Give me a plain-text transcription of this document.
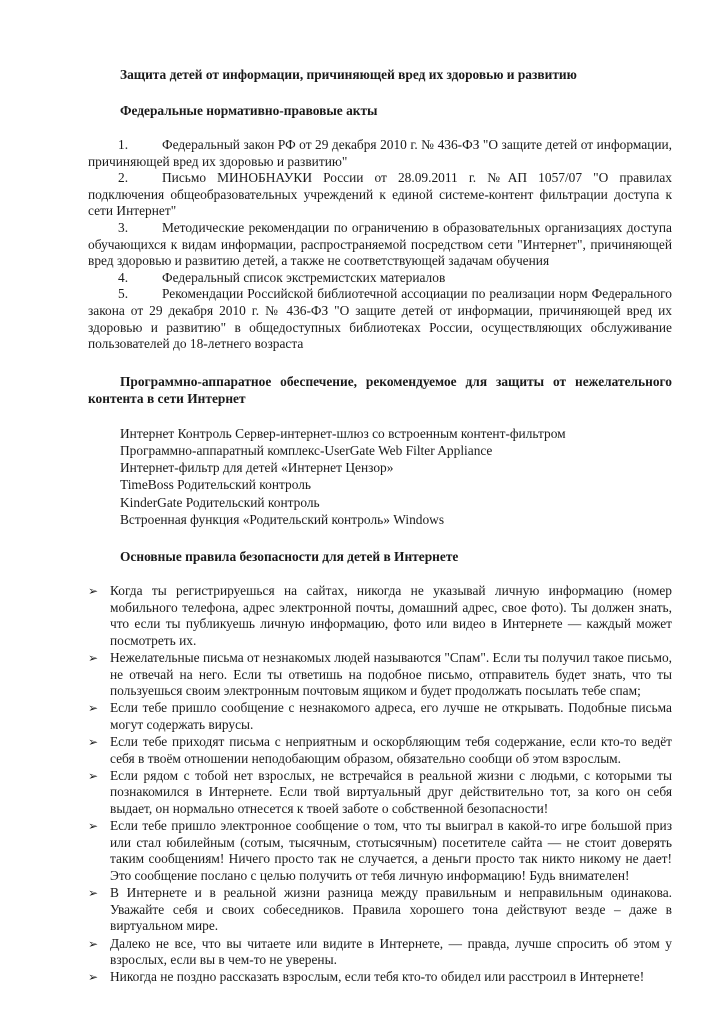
Защита детей от информации, причиняющей вред их здоровью и развитию
Федеральные нормативно-правовые акты
1.	Федеральный закон РФ от 29 декабря 2010 г. № 436-ФЗ "О защите детей от информации, причиняющей вред их здоровью и развитию"
2.	Письмо МИНОБНАУКИ России от 28.09.2011 г. №АП 1057/07 "О правилах подключения общеобразовательных учреждений к единой системе-контент фильтрации доступа к сети Интернет"
3.	Методические рекомендации по ограничению в образовательных организациях доступа обучающихся к видам информации, распространяемой посредством сети "Интернет", причиняющей вред здоровью и развитию детей, а также не соответствующей задачам обучения
4.	Федеральный список экстремистских материалов
5.	Рекомендации Российской библиотечной ассоциации по реализации норм Федерального закона от 29 декабря 2010 г. № 436-ФЗ "О защите детей от информации, причиняющей вред их здоровью и развитию" в общедоступных библиотеках России, осуществляющих обслуживание пользователей до 18-летнего возраста
Программно-аппаратное обеспечение, рекомендуемое для защиты от нежелательного контента в сети Интернет
Интернет Контроль Сервер-интернет-шлюз со встроенным контент-фильтром
Программно-аппаратный комплекс-UserGate Web Filter Appliance
Интернет-фильтр для детей «Интернет Цензор»
TimeBoss Родительский контроль
KinderGate Родительский контроль
Встроенная функция «Родительский контроль» Windows
Основные правила безопасности для детей в Интернете
➢ Когда ты регистрируешься на сайтах, никогда не указывай личную информацию (номер мобильного телефона, адрес электронной почты, домашний адрес, свое фото). Ты должен знать, что если ты публикуешь личную информацию, фото или видео в Интернете — каждый может посмотреть их.
➢ Нежелательные письма от незнакомых людей называются "Спам". Если ты получил такое письмо, не отвечай на него. Если ты ответишь на подобное письмо, отправитель будет знать, что ты пользуешься своим электронным почтовым ящиком и будет продолжать посылать тебе спам;
➢ Если тебе пришло сообщение с незнакомого адреса, его лучше не открывать. Подобные письма могут содержать вирусы.
➢ Если тебе приходят письма с неприятным и оскорбляющим тебя содержание, если кто-то ведёт себя в твоём отношении неподобающим образом, обязательно сообщи об этом взрослым.
➢ Если рядом с тобой нет взрослых, не встречайся в реальной жизни с людьми, с которыми ты познакомился в Интернете. Если твой виртуальный друг действительно тот, за кого он себя выдает, он нормально отнесется к твоей заботе о собственной безопасности!
➢ Если тебе пришло электронное сообщение о том, что ты выиграл в какой-то игре большой приз или стал юбилейным (сотым, тысячным, стотысячным) посетителе сайта — не стоит доверять таким сообщениям! Ничего просто так не случается, а деньги просто так никто никому не дает! Это сообщение послано с целью получить от тебя личную информацию! Будь внимателен!
➢ В Интернете и в реальной жизни разница между правильным и неправильным одинакова. Уважайте себя и своих собеседников. Правила хорошего тона действуют везде – даже в виртуальном мире.
➢ Далеко не все, что вы читаете или видите в Интернете, — правда, лучше спросить об этом у взрослых, если вы в чем-то не уверены.
➢ Никогда не поздно рассказать взрослым, если тебя кто-то обидел или расстроил в Интернете!
